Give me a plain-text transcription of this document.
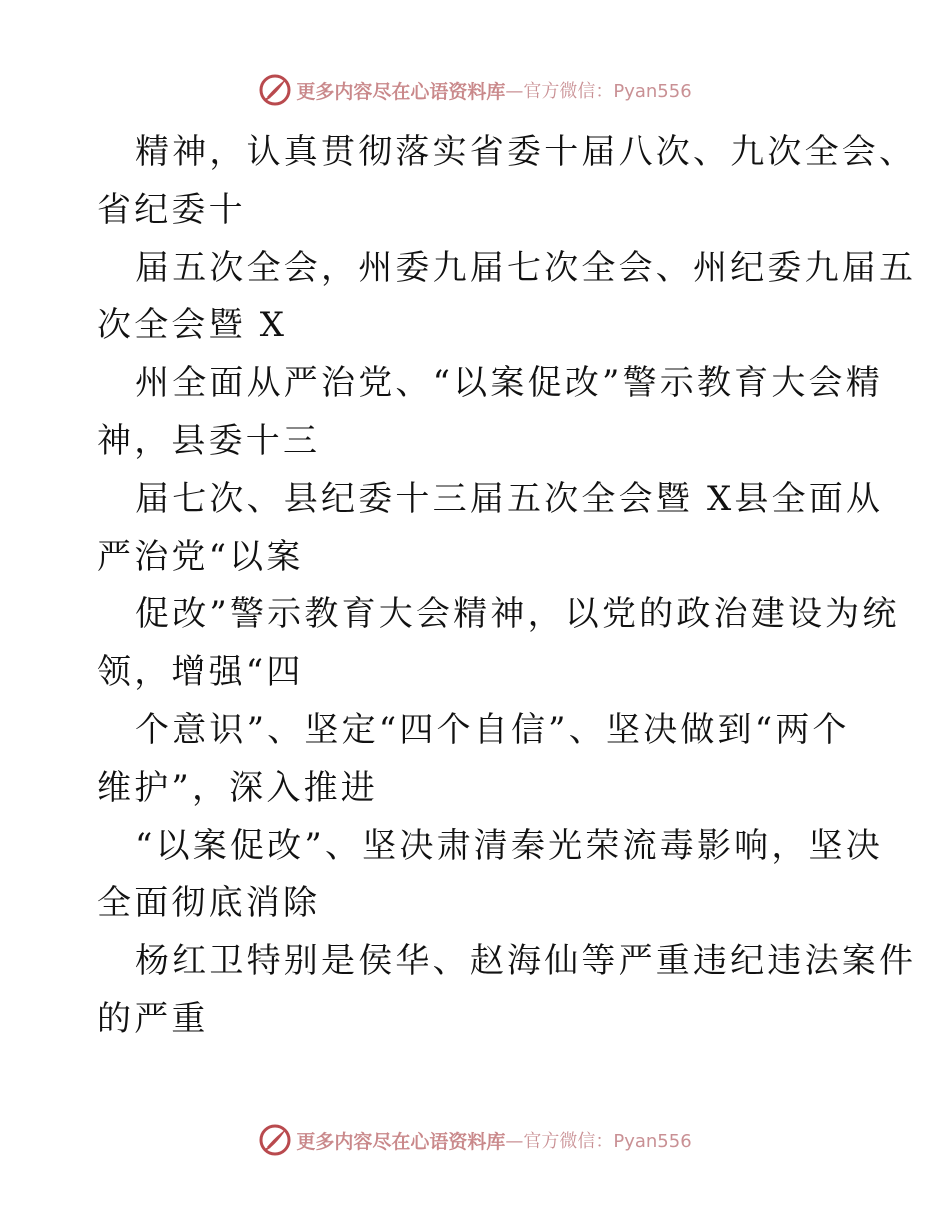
更多内容尽在心语资料库 —官方微信：Pyan556
精神，认真贯彻落实省委十届八次、九次全会、
省纪委十
届五次全会，州委九届七次全会、州纪委九届五
次全会暨 X
州全面从严治党、“以案促改”警示教育大会精
神，县委十三
届七次、县纪委十三届五次全会暨 X县全面从
严治党“以案
促改”警示教育大会精神，以党的政治建设为统
领，增强“四
个意识”、坚定“四个自信”、坚决做到“两个
维护”，深入推进
“以案促改”、坚决肃清秦光荣流毒影响，坚决
全面彻底消除
杨红卫特别是侯华、赵海仙等严重违纪违法案件
的严重
更多内容尽在心语资料库 —官方微信：Pyan556
